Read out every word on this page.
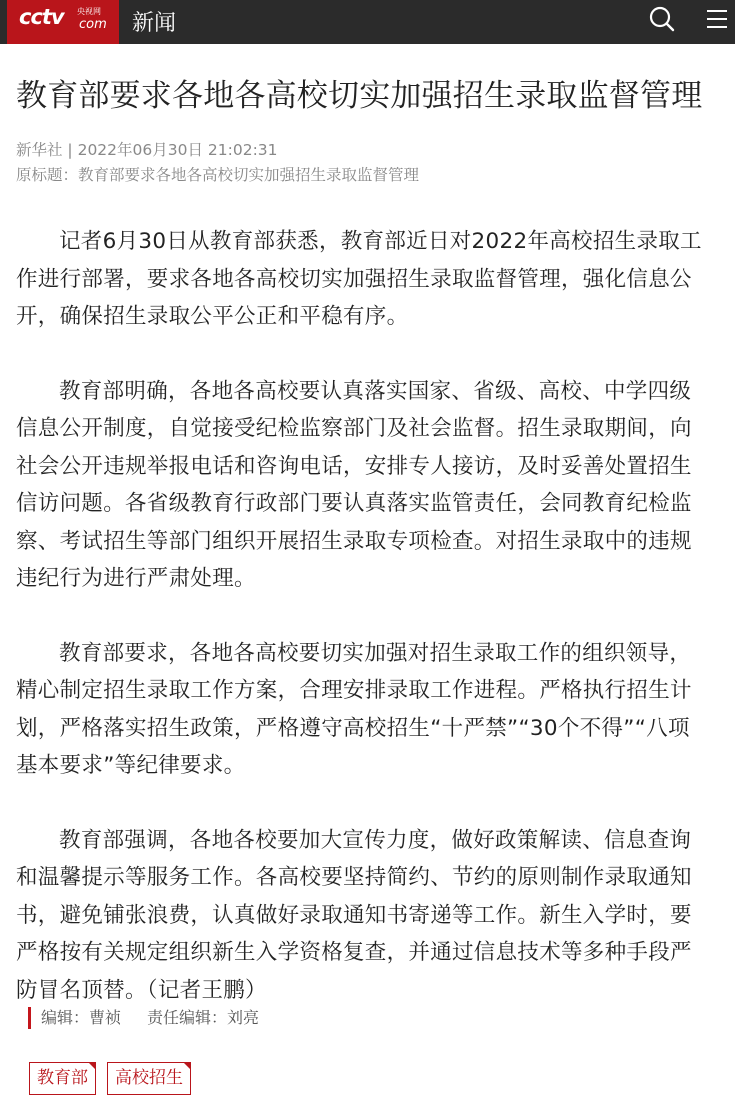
cctv 央视网
com 新闻
教育部要求各地各高校切实加强招生录取监督管理
新华社 | 2022年06月30日 21:02:31
原标题：教育部要求各地各高校切实加强招生录取监督管理

记者6月30日从教育部获悉，教育部近日对2022年高校招生录取工作进行部署，要求各地各高校切实加强招生录取监督管理，强化信息公开，确保招生录取公平公正和平稳有序。

教育部明确，各地各高校要认真落实国家、省级、高校、中学四级信息公开制度，自觉接受纪检监察部门及社会监督。招生录取期间，向社会公开违规举报电话和咨询电话，安排专人接访，及时妥善处置招生信访问题。各省级教育行政部门要认真落实监管责任，会同教育纪检监察、考试招生等部门组织开展招生录取专项检查。对招生录取中的违规违纪行为进行严肃处理。

教育部要求，各地各高校要切实加强对招生录取工作的组织领导，精心制定招生录取工作方案，合理安排录取工作进程。严格执行招生计划，严格落实招生政策，严格遵守高校招生“十严禁”“30个不得”“八项基本要求”等纪律要求。

教育部强调，各地各校要加大宣传力度，做好政策解读、信息查询和温馨提示等服务工作。各高校要坚持简约、节约的原则制作录取通知书，避免铺张浪费，认真做好录取通知书寄递等工作。新生入学时，要严格按有关规定组织新生入学资格复查，并通过信息技术等多种手段严防冒名顶替。（记者王鹏）

编辑：曹祯 责任编辑：刘亮
教育部 高校招生
